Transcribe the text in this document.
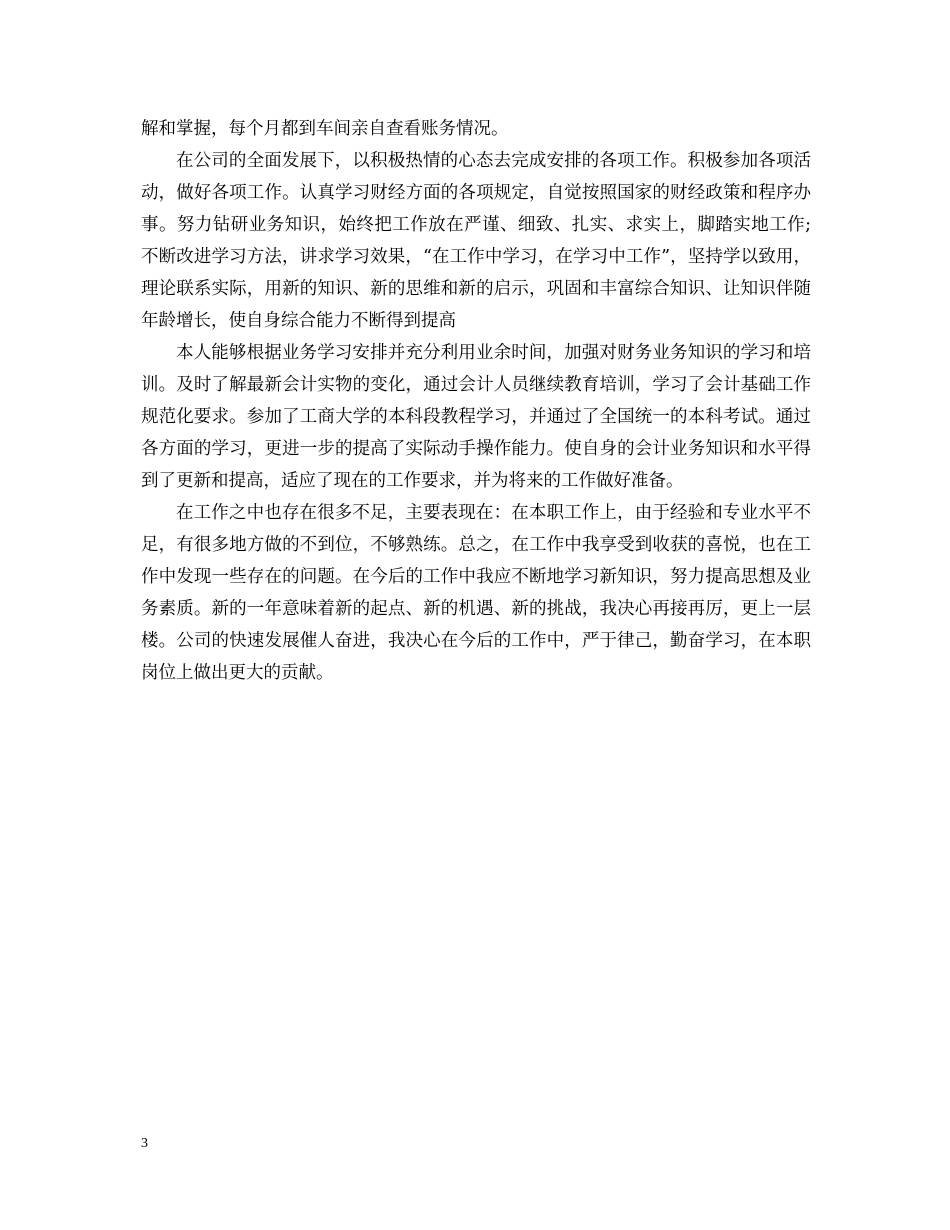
解和掌握，每个月都到车间亲自查看账务情况。

在公司的全面发展下，以积极热情的心态去完成安排的各项工作。积极参加各项活动，做好各项工作。认真学习财经方面的各项规定，自觉按照国家的财经政策和程序办事。努力钻研业务知识，始终把工作放在严谨、细致、扎实、求实上，脚踏实地工作;不断改进学习方法，讲求学习效果，“在工作中学习，在学习中工作”，坚持学以致用，理论联系实际，用新的知识、新的思维和新的启示，巩固和丰富综合知识、让知识伴随年龄增长，使自身综合能力不断得到提高

本人能够根据业务学习安排并充分利用业余时间，加强对财务业务知识的学习和培训。及时了解最新会计实物的变化，通过会计人员继续教育培训，学习了会计基础工作规范化要求。参加了工商大学的本科段教程学习，并通过了全国统一的本科考试。通过各方面的学习，更进一步的提高了实际动手操作能力。使自身的会计业务知识和水平得到了更新和提高，适应了现在的工作要求，并为将来的工作做好准备。

在工作之中也存在很多不足，主要表现在：在本职工作上，由于经验和专业水平不足，有很多地方做的不到位，不够熟练。总之，在工作中我享受到收获的喜悦，也在工作中发现一些存在的问题。在今后的工作中我应不断地学习新知识，努力提高思想及业务素质。新的一年意味着新的起点、新的机遇、新的挑战，我决心再接再厉，更上一层楼。公司的快速发展催人奋进，我决心在今后的工作中，严于律己，勤奋学习，在本职岗位上做出更大的贡献。

3
